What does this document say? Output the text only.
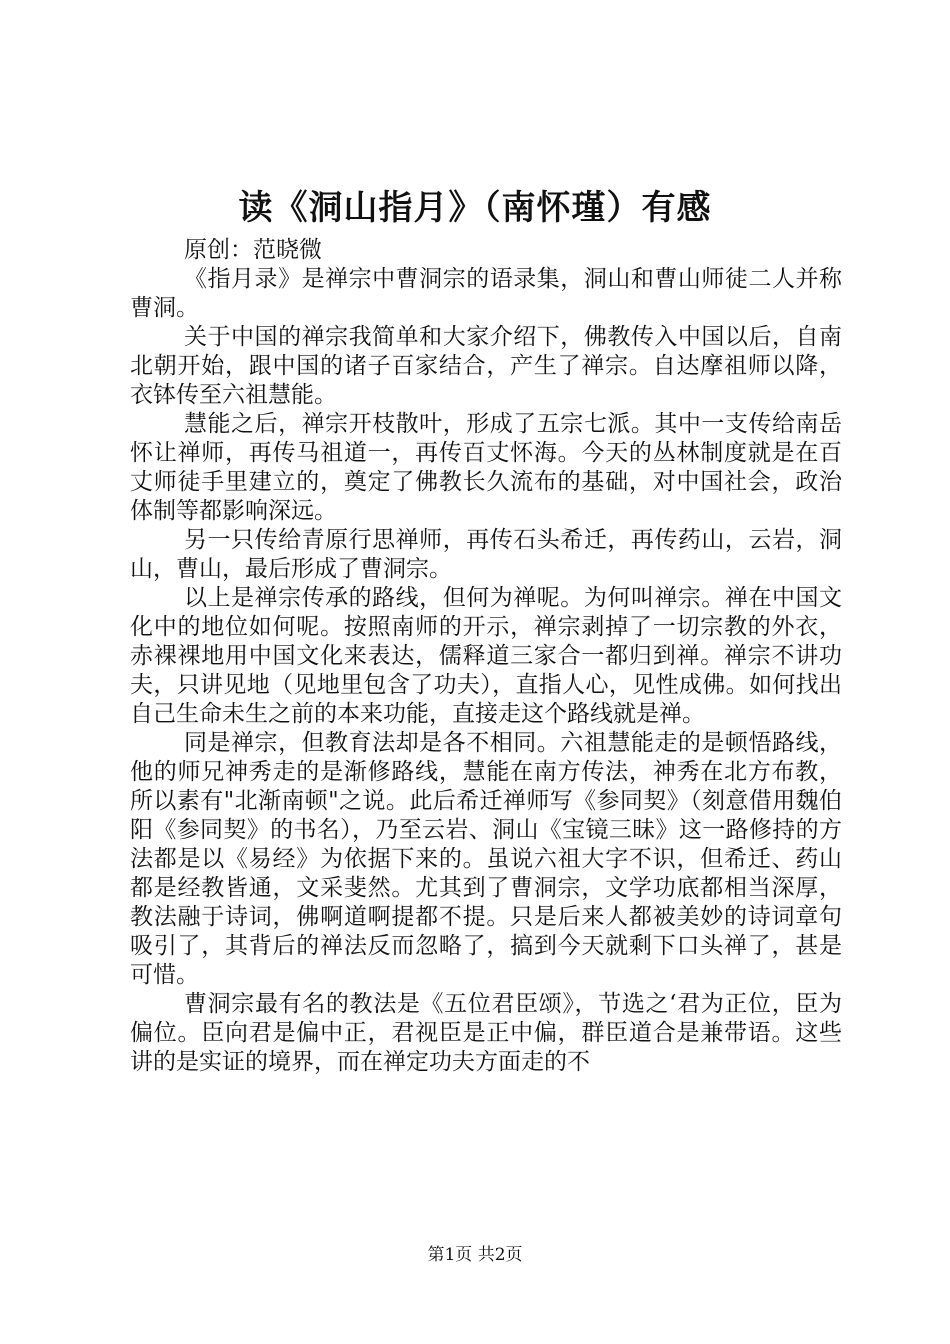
读《洞山指月》（南怀瑾）有感

原创：范晓微

《指月录》是禅宗中曹洞宗的语录集，洞山和曹山师徒二人并称曹洞。

关于中国的禅宗我简单和大家介绍下，佛教传入中国以后，自南北朝开始，跟中国的诸子百家结合，产生了禅宗。自达摩祖师以降，衣钵传至六祖慧能。

慧能之后，禅宗开枝散叶，形成了五宗七派。其中一支传给南岳怀让禅师，再传马祖道一，再传百丈怀海。今天的丛林制度就是在百丈师徒手里建立的，奠定了佛教长久流布的基础，对中国社会，政治体制等都影响深远。

另一只传给青原行思禅师，再传石头希迁，再传药山，云岩，洞山，曹山，最后形成了曹洞宗。

以上是禅宗传承的路线，但何为禅呢。为何叫禅宗。禅在中国文化中的地位如何呢。按照南师的开示，禅宗剥掉了一切宗教的外衣，赤裸裸地用中国文化来表达，儒释道三家合一都归到禅。禅宗不讲功夫，只讲见地（见地里包含了功夫），直指人心，见性成佛。如何找出自己生命未生之前的本来功能，直接走这个路线就是禅。

同是禅宗，但教育法却是各不相同。六祖慧能走的是顿悟路线，他的师兄神秀走的是渐修路线，慧能在南方传法，神秀在北方布教，所以素有"北渐南顿"之说。此后希迁禅师写《参同契》（刻意借用魏伯阳《参同契》的书名），乃至云岩、洞山《宝镜三昧》这一路修持的方法都是以《易经》为依据下来的。虽说六祖大字不识，但希迁、药山都是经教皆通，文采斐然。尤其到了曹洞宗，文学功底都相当深厚，教法融于诗词，佛啊道啊提都不提。只是后来人都被美妙的诗词章句吸引了，其背后的禅法反而忽略了，搞到今天就剩下口头禅了，甚是可惜。

曹洞宗最有名的教法是《五位君臣颂》，节选之‘君为正位，臣为偏位。臣向君是偏中正，君视臣是正中偏，群臣道合是兼带语。这些讲的是实证的境界，而在禅定功夫方面走的不

第1页 共2页
